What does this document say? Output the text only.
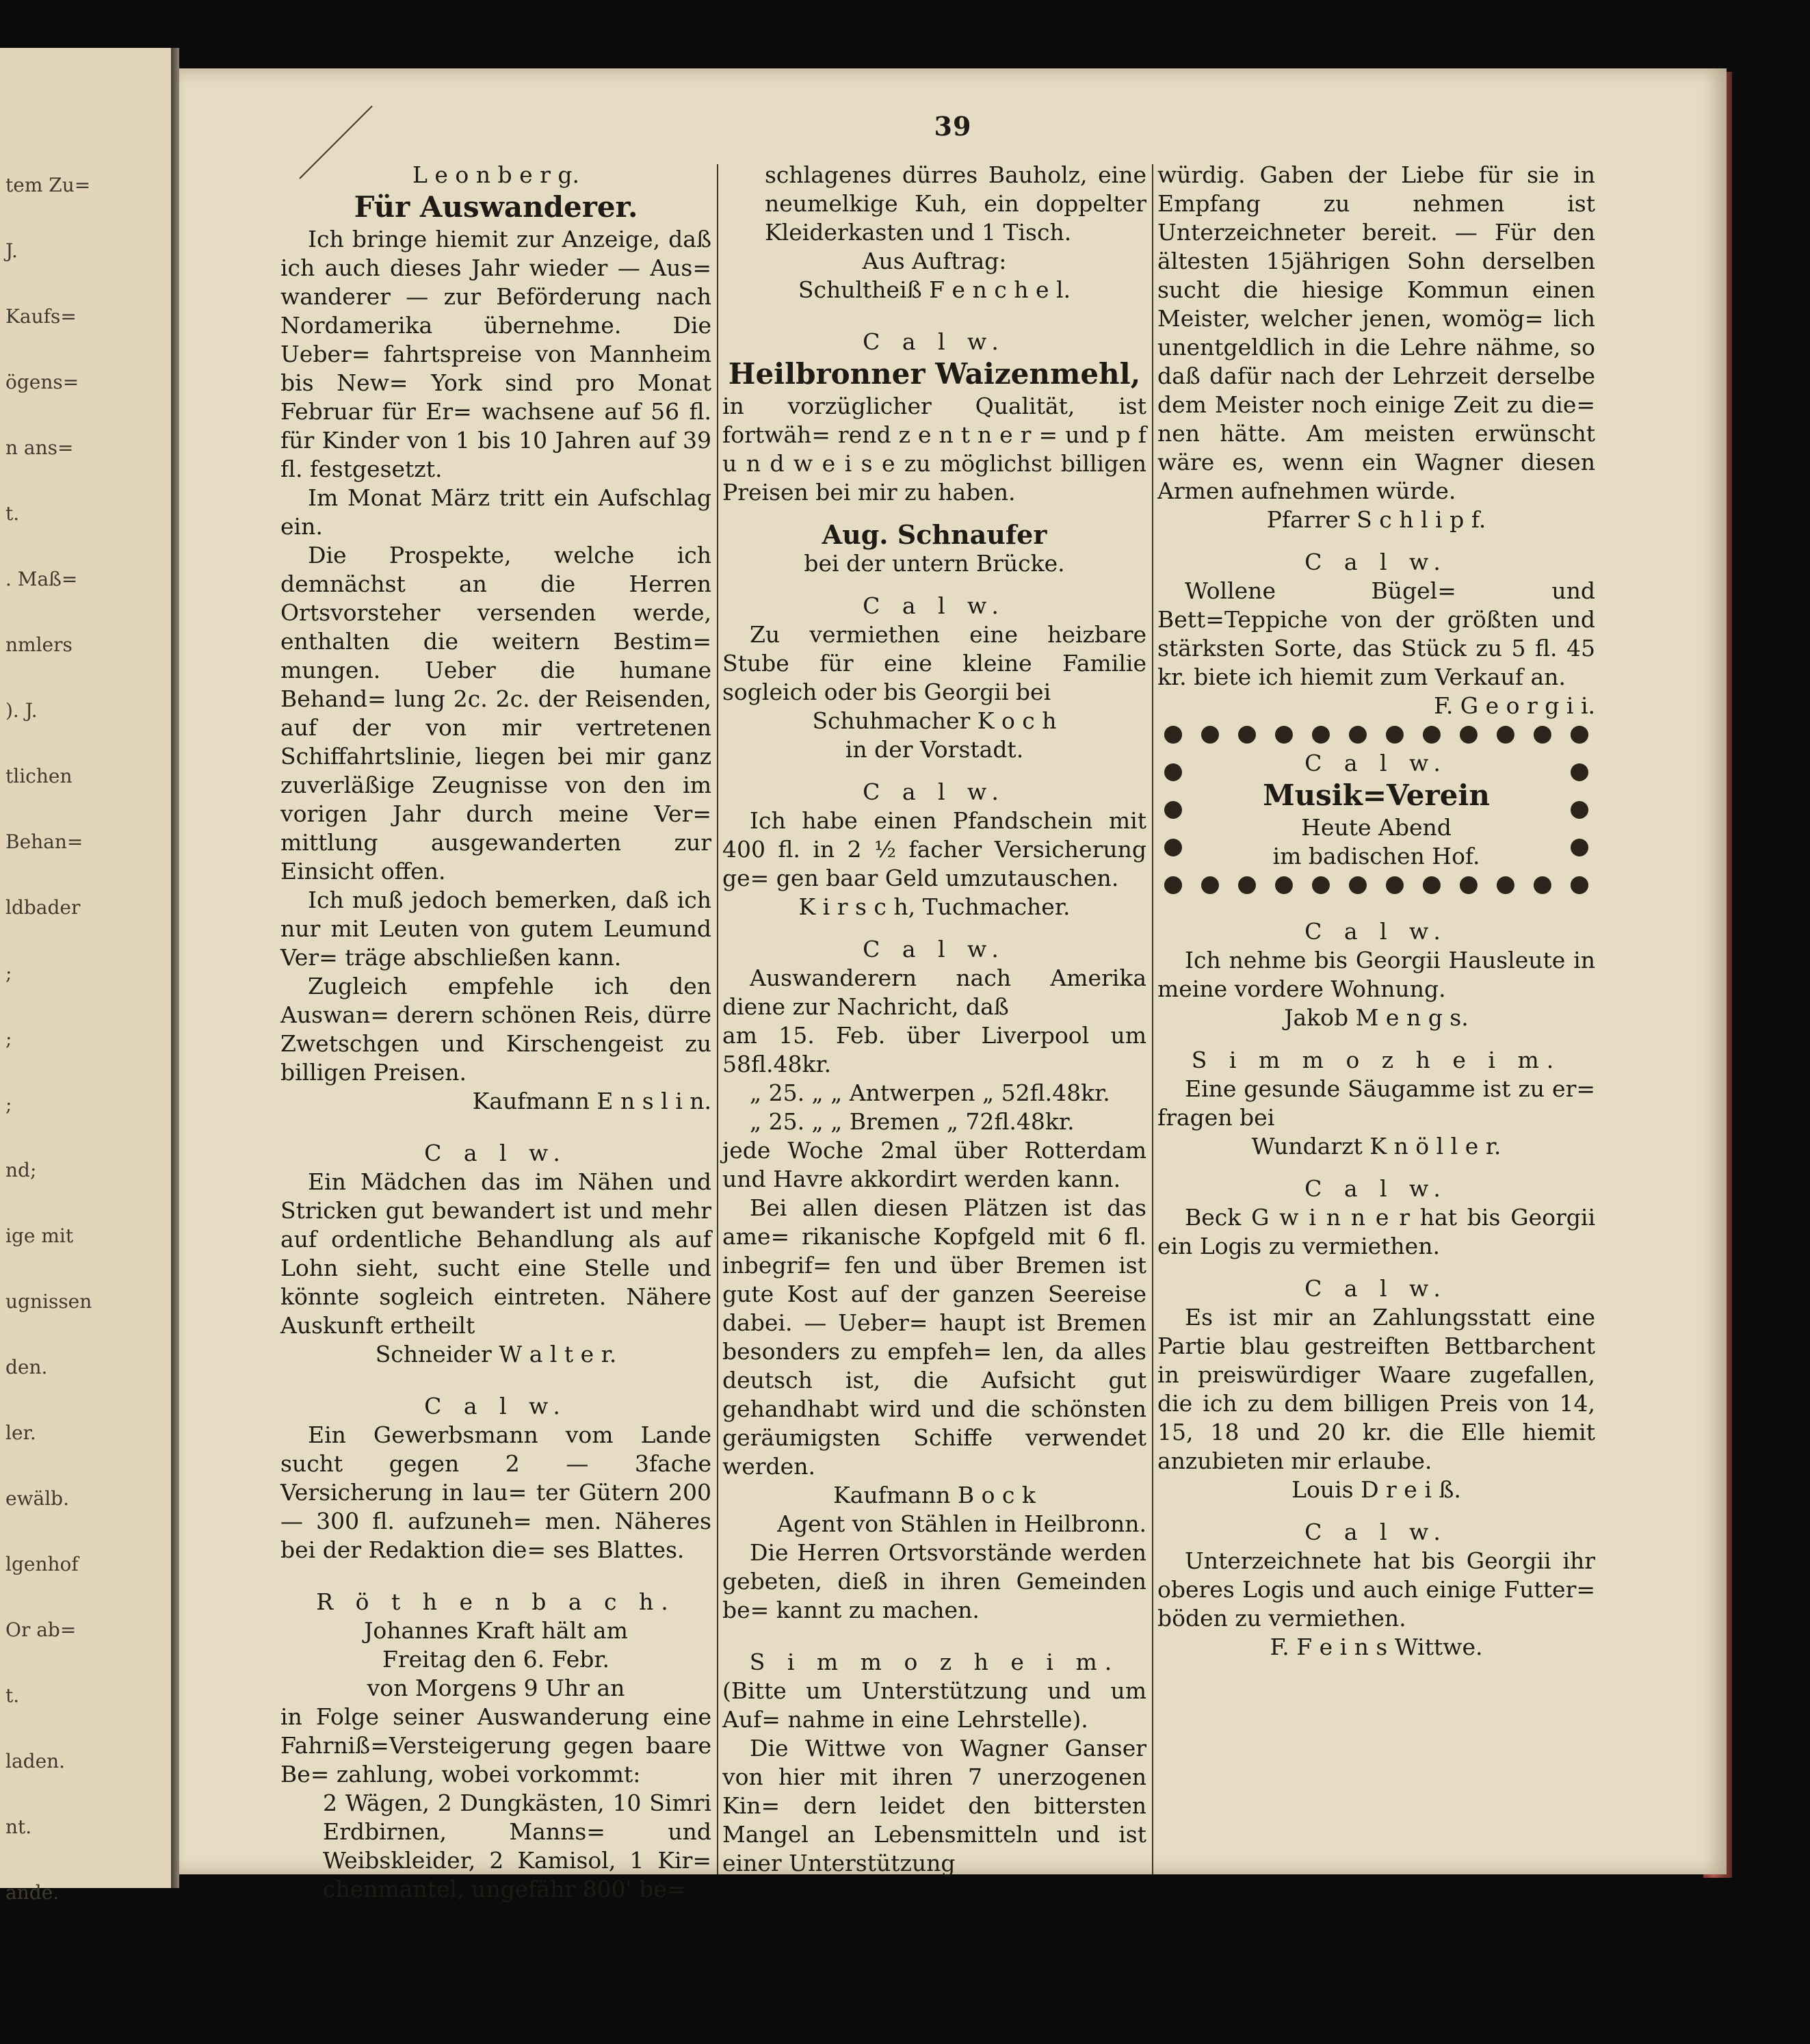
tem Zu=
J.
Kaufs=
ögens=
n ans=
t.
. Maß=
nmlers
). J.
tlichen
Behan=
ldbader
;
;
;
nd;
ige mit
ugnissen
den.
ler.
ewälb.
lgenhof
Or ab=
t.
laden.
nt.
ande.
39

L e o n b e r g.

Für Auswanderer.

Ich bringe hiemit zur Anzeige, daß ich auch dieses Jahr wieder — Aus= wanderer — zur Beförderung nach Nordamerika übernehme. Die Ueber= fahrtspreise von Mannheim bis New= York sind pro Monat Februar für Er= wachsene auf 56 fl. für Kinder von 1 bis 10 Jahren auf 39 fl. festgesetzt.

Im Monat März tritt ein Aufschlag ein.

Die Prospekte, welche ich demnächst an die Herren Ortsvorsteher versenden werde, enthalten die weitern Bestim= mungen. Ueber die humane Behand= lung 2c. 2c. der Reisenden, auf der von mir vertretenen Schiffahrtslinie, liegen bei mir ganz zuverläßige Zeugnisse von den im vorigen Jahr durch meine Ver= mittlung ausgewanderten zur Einsicht offen.

Ich muß jedoch bemerken, daß ich nur mit Leuten von gutem Leumund Ver= träge abschließen kann.

Zugleich empfehle ich den Auswan= derern schönen Reis, dürre Zwetschgen und Kirschengeist zu billigen Preisen.

Kaufmann E n s l i n.

C a l w.

Ein Mädchen das im Nähen und Stricken gut bewandert ist und mehr auf ordentliche Behandlung als auf Lohn sieht, sucht eine Stelle und könnte sogleich eintreten. Nähere Auskunft ertheilt

Schneider W a l t e r.

C a l w.

Ein Gewerbsmann vom Lande sucht gegen 2 — 3fache Versicherung in lau= ter Gütern 200 — 300 fl. aufzuneh= men. Näheres bei der Redaktion die= ses Blattes.

R ö t h e n b a c h.

Johannes Kraft hält am

Freitag den 6. Febr.

von Morgens 9 Uhr an

in Folge seiner Auswanderung eine Fahrniß=Versteigerung gegen baare Be= zahlung, wobei vorkommt:

2 Wägen, 2 Dungkästen, 10 Simri Erdbirnen, Manns= und Weibskleider, 2 Kamisol, 1 Kir= chenmantel, ungefähr 800' be=

schlagenes dürres Bauholz, eine neumelkige Kuh, ein doppelter Kleiderkasten und 1 Tisch.

Aus Auftrag:

Schultheiß F e n c h e l.

C a l w.

Heilbronner Waizenmehl,

in vorzüglicher Qualität, ist fortwäh= rend z e n t n e r = und p f u n d w e i s e zu möglichst billigen Preisen bei mir zu haben.

Aug. Schnaufer

bei der untern Brücke.

C a l w.

Zu vermiethen eine heizbare Stube für eine kleine Familie sogleich oder bis Georgii bei

Schuhmacher K o c h

in der Vorstadt.

C a l w.

Ich habe einen Pfandschein mit 400 fl. in 2 ½ facher Versicherung ge= gen baar Geld umzutauschen.

K i r s c h, Tuchmacher.

C a l w.

Auswanderern nach Amerika diene zur Nachricht, daß

am 15. Feb. über Liverpool um 58fl.48kr.

„ 25. „ „ Antwerpen „ 52fl.48kr.

„ 25. „ „ Bremen „ 72fl.48kr.

jede Woche 2mal über Rotterdam und Havre akkordirt werden kann.

Bei allen diesen Plätzen ist das ame= rikanische Kopfgeld mit 6 fl. inbegrif= fen und über Bremen ist gute Kost auf der ganzen Seereise dabei. — Ueber= haupt ist Bremen besonders zu empfeh= len, da alles deutsch ist, die Aufsicht gut gehandhabt wird und die schönsten geräumigsten Schiffe verwendet werden.

Kaufmann B o c k

Agent von Stählen in Heilbronn.

Die Herren Ortsvorstände werden gebeten, dieß in ihren Gemeinden be= kannt zu machen.

S i m m o z h e i m.

(Bitte um Unterstützung und um Auf= nahme in eine Lehrstelle).

Die Wittwe von Wagner Ganser von hier mit ihren 7 unerzogenen Kin= dern leidet den bittersten Mangel an Lebensmitteln und ist einer Unterstützung

würdig. Gaben der Liebe für sie in Empfang zu nehmen ist Unterzeichneter bereit. — Für den ältesten 15jährigen Sohn derselben sucht die hiesige Kommun einen Meister, welcher jenen, womög= lich unentgeldlich in die Lehre nähme, so daß dafür nach der Lehrzeit derselbe dem Meister noch einige Zeit zu die= nen hätte. Am meisten erwünscht wäre es, wenn ein Wagner diesen Armen aufnehmen würde.

Pfarrer S c h l i p f.

C a l w.

Wollene Bügel= und Bett=Teppiche von der größten und stärksten Sorte, das Stück zu 5 fl. 45 kr. biete ich hiemit zum Verkauf an.

F. G e o r g i i.

C a l w.

Musik=Verein

Heute Abend

im badischen Hof.

C a l w.

Ich nehme bis Georgii Hausleute in meine vordere Wohnung.

Jakob M e n g s.

S i m m o z h e i m.

Eine gesunde Säugamme ist zu er= fragen bei

Wundarzt K n ö l l e r.

C a l w.

Beck G w i n n e r hat bis Georgii ein Logis zu vermiethen.

C a l w.

Es ist mir an Zahlungsstatt eine Partie blau gestreiften Bettbarchent in preiswürdiger Waare zugefallen, die ich zu dem billigen Preis von 14, 15, 18 und 20 kr. die Elle hiemit anzubieten mir erlaube.

Louis D r e i ß.

C a l w.

Unterzeichnete hat bis Georgii ihr oberes Logis und auch einige Futter= böden zu vermiethen.

F. F e i n s Wittwe.
